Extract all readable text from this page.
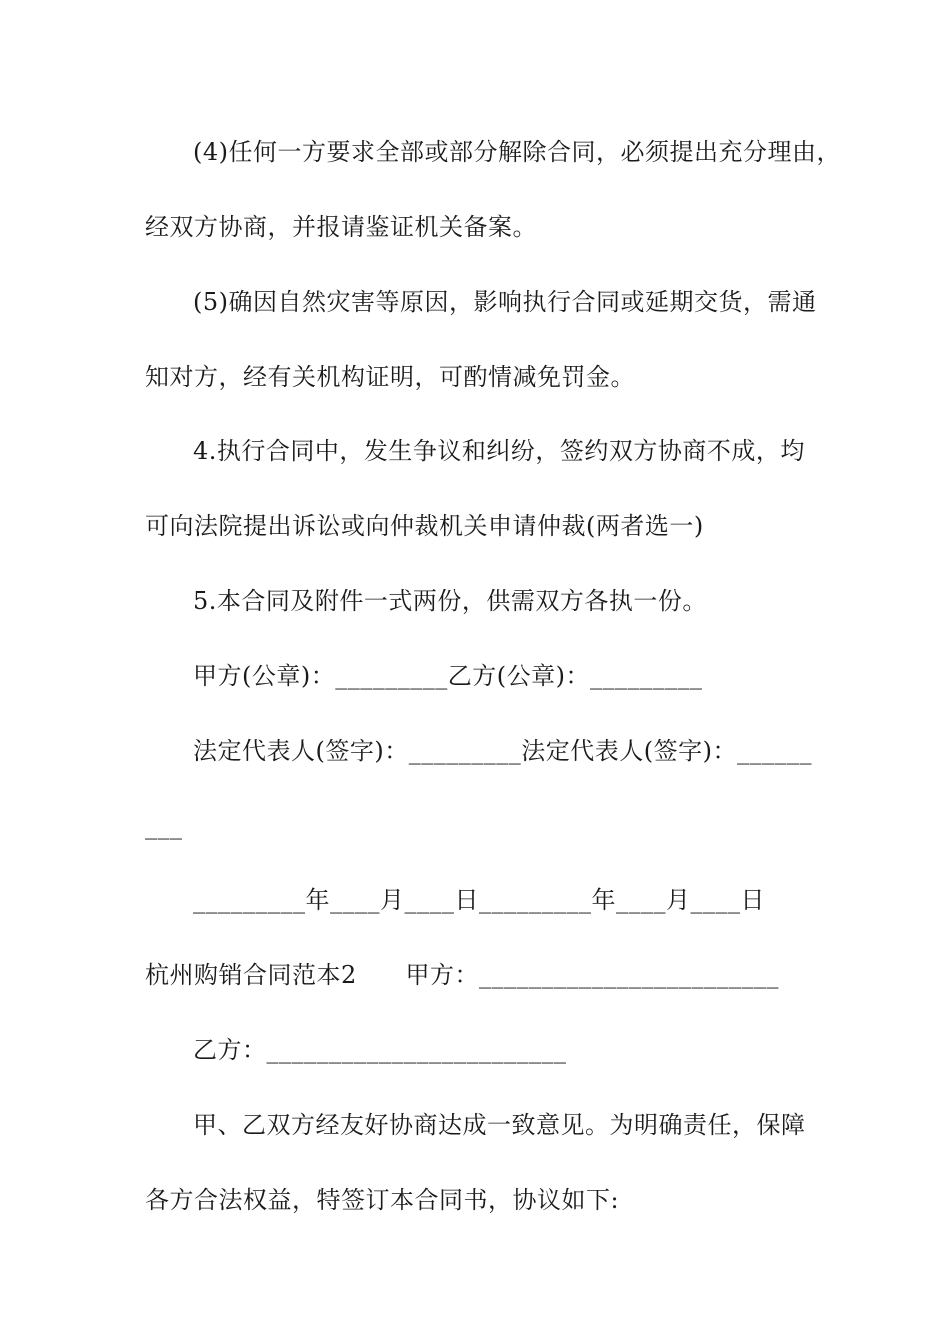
(4)任何一方要求全部或部分解除合同，必须提出充分理由，
经双方协商，并报请鉴证机关备案。
(5)确因自然灾害等原因，影响执行合同或延期交货，需通
知对方，经有关机构证明，可酌情减免罚金。
4.执行合同中，发生争议和纠纷，签约双方协商不成，均
可向法院提出诉讼或向仲裁机关申请仲裁(两者选一)
5.本合同及附件一式两份，供需双方各执一份。
甲方(公章)：_________乙方(公章)：_________
法定代表人(签字)：_________法定代表人(签字)：______
___
_________年____月____日_________年____月____日
杭州购销合同范本2      甲方：________________________
乙方：________________________
甲、乙双方经友好协商达成一致意见。为明确责任，保障
各方合法权益，特签订本合同书，协议如下:
